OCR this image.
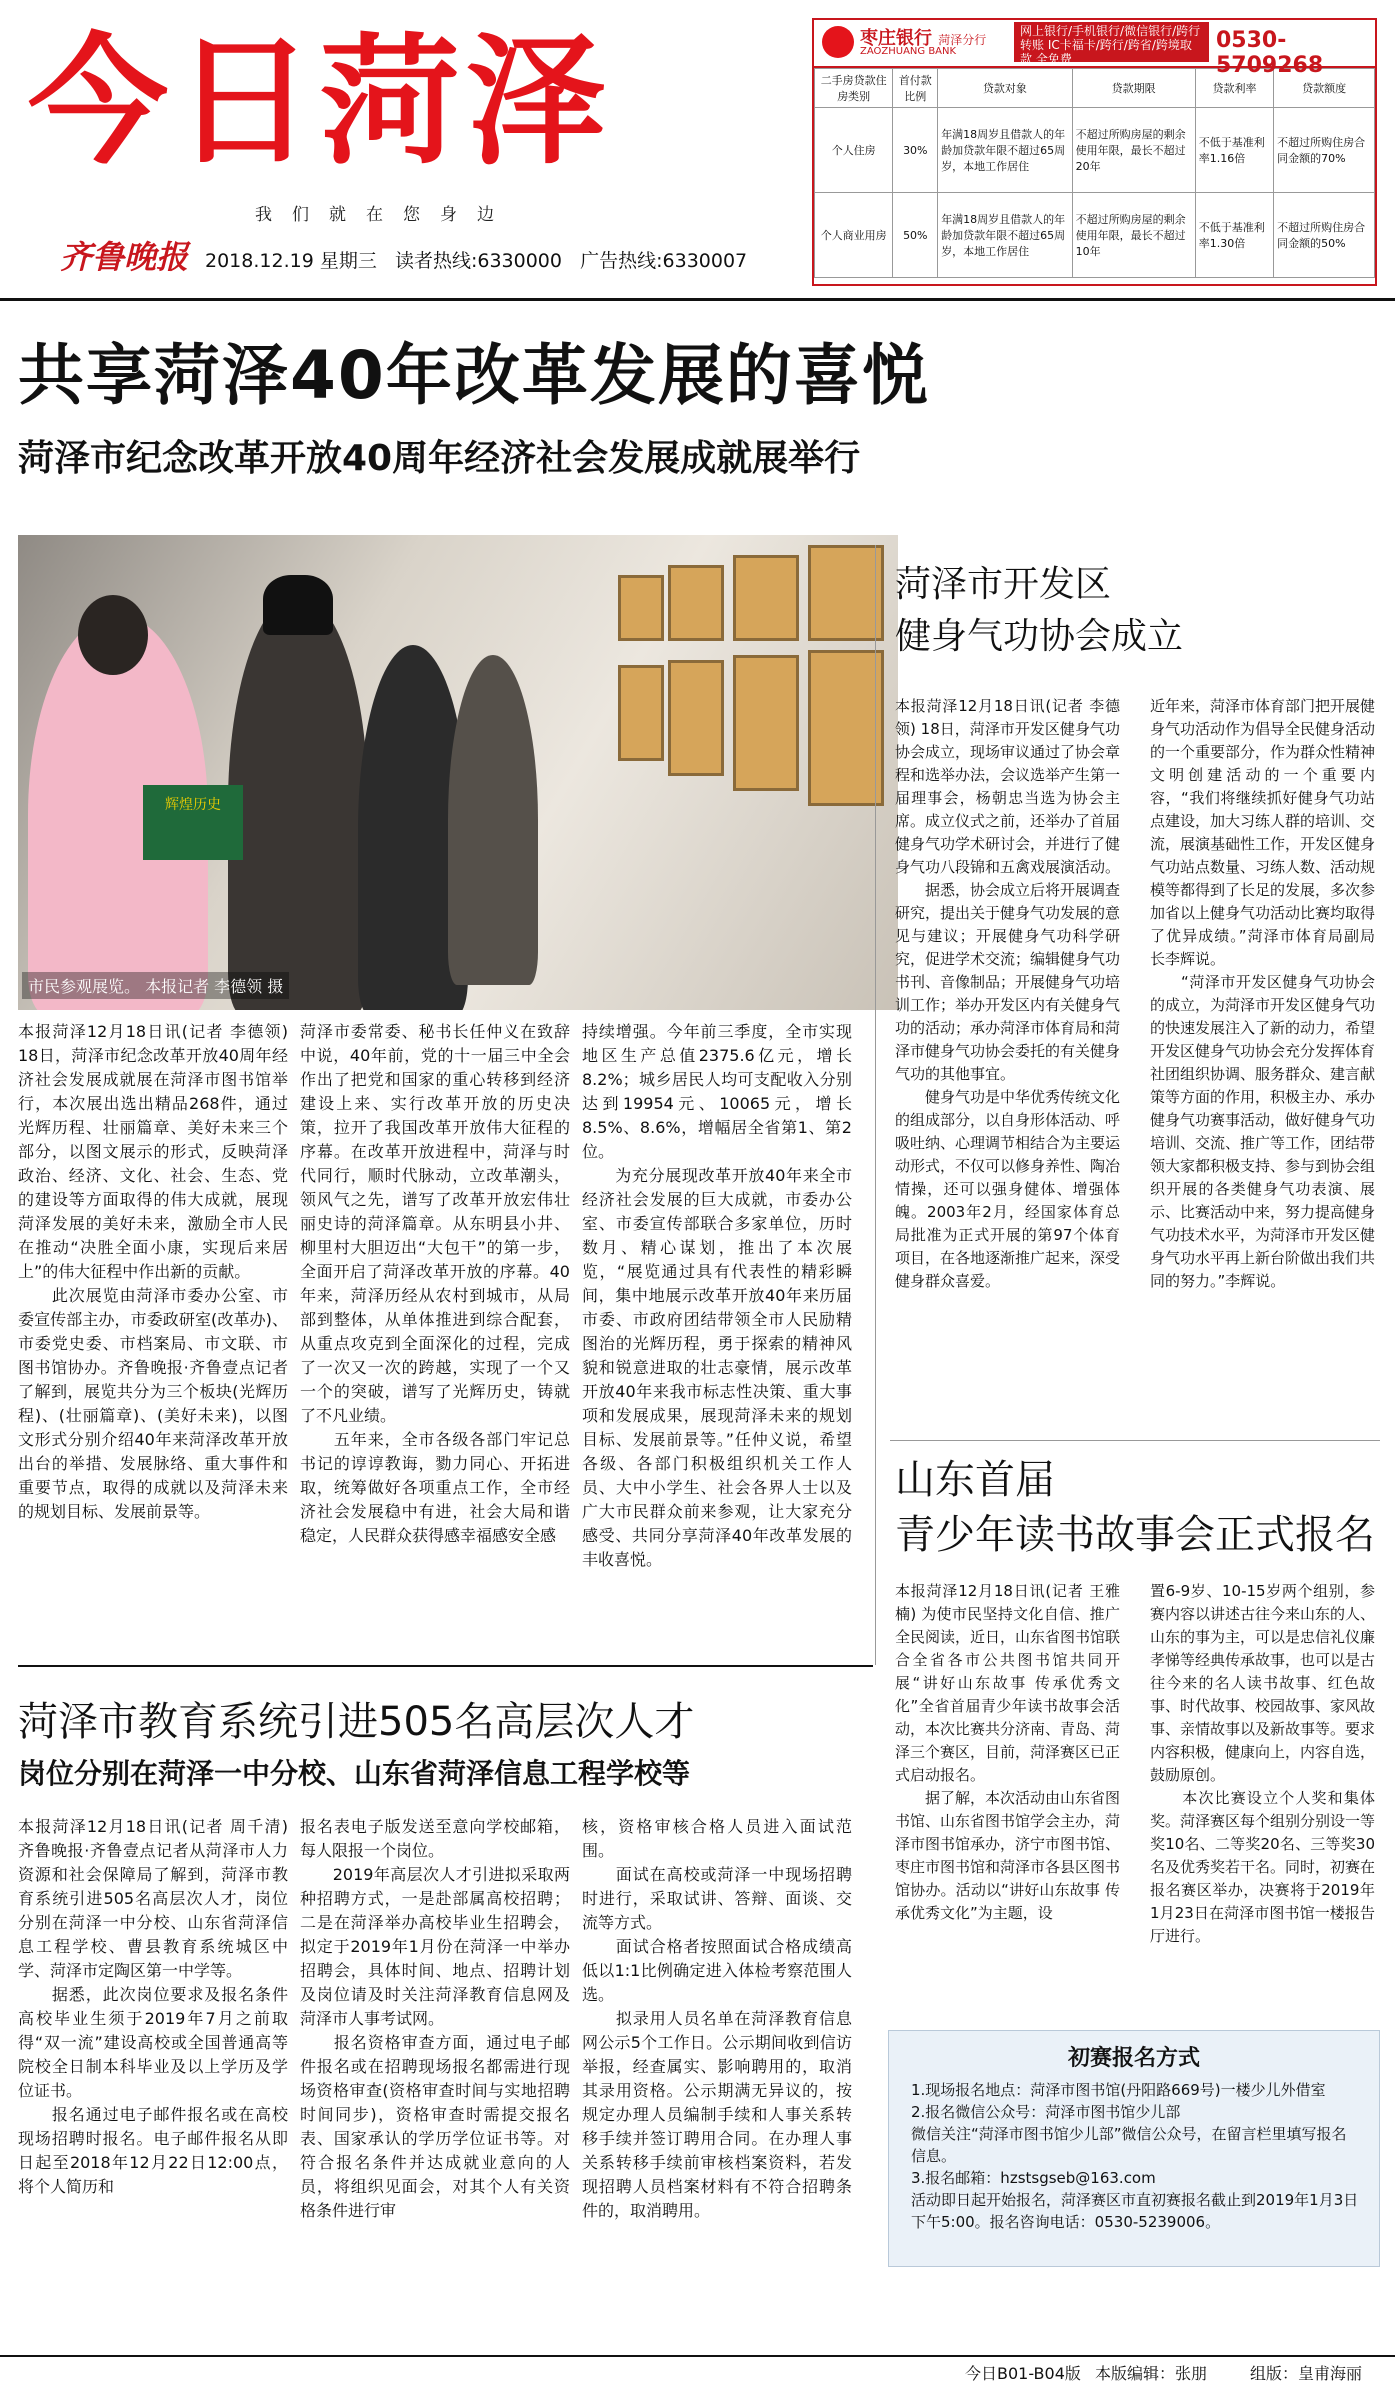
今日菏泽
我们就在您身边
齐鲁晚报 2018.12.19 星期三 读者热线:6330000 广告热线:6330007
枣庄银行 菏泽分行
ZAOZHUANG BANK
网上银行/手机银行/微信银行/跨行转账 IC卡福卡/跨行/跨省/跨境取款 全免费
0530-5709268
二手房贷款住房类别	首付款比例	贷款对象	贷款期限	贷款利率	贷款额度
个人住房	30%	年满18周岁且借款人的年龄加贷款年限不超过65周岁，本地工作居住	不超过所购房屋的剩余使用年限，最长不超过20年	不低于基准利率1.16倍	不超过所购住房合同金额的70%
个人商业用房	50%	年满18周岁且借款人的年龄加贷款年限不超过65周岁，本地工作居住	不超过所购房屋的剩余使用年限，最长不超过10年	不低于基准利率1.30倍	不超过所购住房合同金额的50%
共享菏泽40年改革发展的喜悦
菏泽市纪念改革开放40周年经济社会发展成就展举行
辉煌历史
市民参观展览。 本报记者 李德领 摄
本报菏泽12月18日讯(记者 李德领) 18日，菏泽市纪念改革开放40周年经济社会发展成就展在菏泽市图书馆举行，本次展出选出精品268件，通过光辉历程、壮丽篇章、美好未来三个部分，以图文展示的形式，反映菏泽政治、经济、文化、社会、生态、党的建设等方面取得的伟大成就，展现菏泽发展的美好未来，激励全市人民在推动“决胜全面小康，实现后来居上”的伟大征程中作出新的贡献。
　　此次展览由菏泽市委办公室、市委宣传部主办，市委政研室(改革办)、市委党史委、市档案局、市文联、市图书馆协办。齐鲁晚报·齐鲁壹点记者了解到，展览共分为三个板块(光辉历程)、(壮丽篇章)、(美好未来)，以图文形式分别介绍40年来菏泽改革开放出台的举措、发展脉络、重大事件和重要节点，取得的成就以及菏泽未来的规划目标、发展前景等。
菏泽市委常委、秘书长任仲义在致辞中说，40年前，党的十一届三中全会作出了把党和国家的重心转移到经济建设上来、实行改革开放的历史决策，拉开了我国改革开放伟大征程的序幕。在改革开放进程中，菏泽与时代同行，顺时代脉动，立改革潮头，领风气之先，谱写了改革开放宏伟壮丽史诗的菏泽篇章。从东明县小井、柳里村大胆迈出“大包干”的第一步，全面开启了菏泽改革开放的序幕。40年来，菏泽历经从农村到城市，从局部到整体，从单体推进到综合配套，从重点攻克到全面深化的过程，完成了一次又一次的跨越，实现了一个又一个的突破，谱写了光辉历史，铸就了不凡业绩。
　　五年来，全市各级各部门牢记总书记的谆谆教诲，勠力同心、开拓进取，统筹做好各项重点工作，全市经济社会发展稳中有进，社会大局和谐稳定，人民群众获得感幸福感安全感
持续增强。今年前三季度，全市实现地区生产总值2375.6亿元，增长8.2%；城乡居民人均可支配收入分别达到19954元、10065元，增长8.5%、8.6%，增幅居全省第1、第2位。
　　为充分展现改革开放40年来全市经济社会发展的巨大成就，市委办公室、市委宣传部联合多家单位，历时数月、精心谋划，推出了本次展览，“展览通过具有代表性的精彩瞬间，集中地展示改革开放40年来历届市委、市政府团结带领全市人民励精图治的光辉历程，勇于探索的精神风貌和锐意进取的壮志豪情，展示改革开放40年来我市标志性决策、重大事项和发展成果，展现菏泽未来的规划目标、发展前景等。”任仲义说，希望各级、各部门积极组织机关工作人员、大中小学生、社会各界人士以及广大市民群众前来参观，让大家充分感受、共同分享菏泽40年改革发展的丰收喜悦。
菏泽市开发区
健身气功协会成立
本报菏泽12月18日讯(记者 李德领) 18日，菏泽市开发区健身气功协会成立，现场审议通过了协会章程和选举办法，会议选举产生第一届理事会，杨朝忠当选为协会主席。成立仪式之前，还举办了首届健身气功学术研讨会，并进行了健身气功八段锦和五禽戏展演活动。
　　据悉，协会成立后将开展调查研究，提出关于健身气功发展的意见与建议；开展健身气功科学研究，促进学术交流；编辑健身气功书刊、音像制品；开展健身气功培训工作；举办开发区内有关健身气功的活动；承办菏泽市体育局和菏泽市健身气功协会委托的有关健身气功的其他事宜。
　　健身气功是中华优秀传统文化的组成部分，以自身形体活动、呼吸吐纳、心理调节相结合为主要运动形式，不仅可以修身养性、陶冶情操，还可以强身健体、增强体魄。2003年2月，经国家体育总局批准为正式开展的第97个体育项目，在各地逐渐推广起来，深受健身群众喜爱。
近年来，菏泽市体育部门把开展健身气功活动作为倡导全民健身活动的一个重要部分，作为群众性精神文明创建活动的一个重要内容，“我们将继续抓好健身气功站点建设，加大习练人群的培训、交流，展演基础性工作，开发区健身气功站点数量、习练人数、活动规模等都得到了长足的发展，多次参加省以上健身气功活动比赛均取得了优异成绩。”菏泽市体育局副局长李辉说。
　　“菏泽市开发区健身气功协会的成立，为菏泽市开发区健身气功的快速发展注入了新的动力，希望开发区健身气功协会充分发挥体育社团组织协调、服务群众、建言献策等方面的作用，积极主办、承办健身气功赛事活动，做好健身气功培训、交流、推广等工作，团结带领大家都积极支持、参与到协会组织开展的各类健身气功表演、展示、比赛活动中来，努力提高健身气功技术水平，为菏泽市开发区健身气功水平再上新台阶做出我们共同的努力。”李辉说。
山东首届
青少年读书故事会正式报名
本报菏泽12月18日讯(记者 王雅楠) 为使市民坚持文化自信、推广全民阅读，近日，山东省图书馆联合全省各市公共图书馆共同开展“讲好山东故事 传承优秀文化”全省首届青少年读书故事会活动，本次比赛共分济南、青岛、菏泽三个赛区，目前，菏泽赛区已正式启动报名。
　　据了解，本次活动由山东省图书馆、山东省图书馆学会主办，菏泽市图书馆承办，济宁市图书馆、枣庄市图书馆和菏泽市各县区图书馆协办。活动以“讲好山东故事 传承优秀文化”为主题，设
置6-9岁、10-15岁两个组别，参赛内容以讲述古往今来山东的人、山东的事为主，可以是忠信礼仪廉孝悌等经典传承故事，也可以是古往今来的名人读书故事、红色故事、时代故事、校园故事、家风故事、亲情故事以及新故事等。要求内容积极，健康向上，内容自选，鼓励原创。
　　本次比赛设立个人奖和集体奖。菏泽赛区每个组别分别设一等奖10名、二等奖20名、三等奖30名及优秀奖若干名。同时，初赛在报名赛区举办，决赛将于2019年1月23日在菏泽市图书馆一楼报告厅进行。
初赛报名方式
1.现场报名地点：菏泽市图书馆(丹阳路669号)一楼少儿外借室
2.报名微信公众号：菏泽市图书馆少儿部
微信关注“菏泽市图书馆少儿部”微信公众号，在留言栏里填写报名信息。
3.报名邮箱：hzstsgseb@163.com
活动即日起开始报名，菏泽赛区市直初赛报名截止到2019年1月3日下午5:00。报名咨询电话：0530-5239006。
菏泽市教育系统引进505名高层次人才
岗位分别在菏泽一中分校、山东省菏泽信息工程学校等
本报菏泽12月18日讯(记者 周千清) 齐鲁晚报·齐鲁壹点记者从菏泽市人力资源和社会保障局了解到，菏泽市教育系统引进505名高层次人才，岗位分别在菏泽一中分校、山东省菏泽信息工程学校、曹县教育系统城区中学、菏泽市定陶区第一中学等。
　　据悉，此次岗位要求及报名条件高校毕业生须于2019年7月之前取得“双一流”建设高校或全国普通高等院校全日制本科毕业及以上学历及学位证书。
　　报名通过电子邮件报名或在高校现场招聘时报名。电子邮件报名从即日起至2018年12月22日12:00点，将个人简历和
报名表电子版发送至意向学校邮箱，每人限报一个岗位。
　　2019年高层次人才引进拟采取两种招聘方式，一是赴部属高校招聘；二是在菏泽举办高校毕业生招聘会，拟定于2019年1月份在菏泽一中举办招聘会，具体时间、地点、招聘计划及岗位请及时关注菏泽教育信息网及菏泽市人事考试网。
　　报名资格审查方面，通过电子邮件报名或在招聘现场报名都需进行现场资格审查(资格审查时间与实地招聘时间同步)，资格审查时需提交报名表、国家承认的学历学位证书等。对符合报名条件并达成就业意向的人员，将组织见面会，对其个人有关资格条件进行审
核，资格审核合格人员进入面试范围。
　　面试在高校或菏泽一中现场招聘时进行，采取试讲、答辩、面谈、交流等方式。
　　面试合格者按照面试合格成绩高低以1:1比例确定进入体检考察范围人选。
　　拟录用人员名单在菏泽教育信息网公示5个工作日。公示期间收到信访举报，经查属实、影响聘用的，取消其录用资格。公示期满无异议的，按规定办理人员编制手续和人事关系转移手续并签订聘用合同。在办理人事关系转移手续前审核档案资料，若发现招聘人员档案材料有不符合招聘条件的，取消聘用。
今日B01-B04版 本版编辑：张朋	组版：皇甫海丽
